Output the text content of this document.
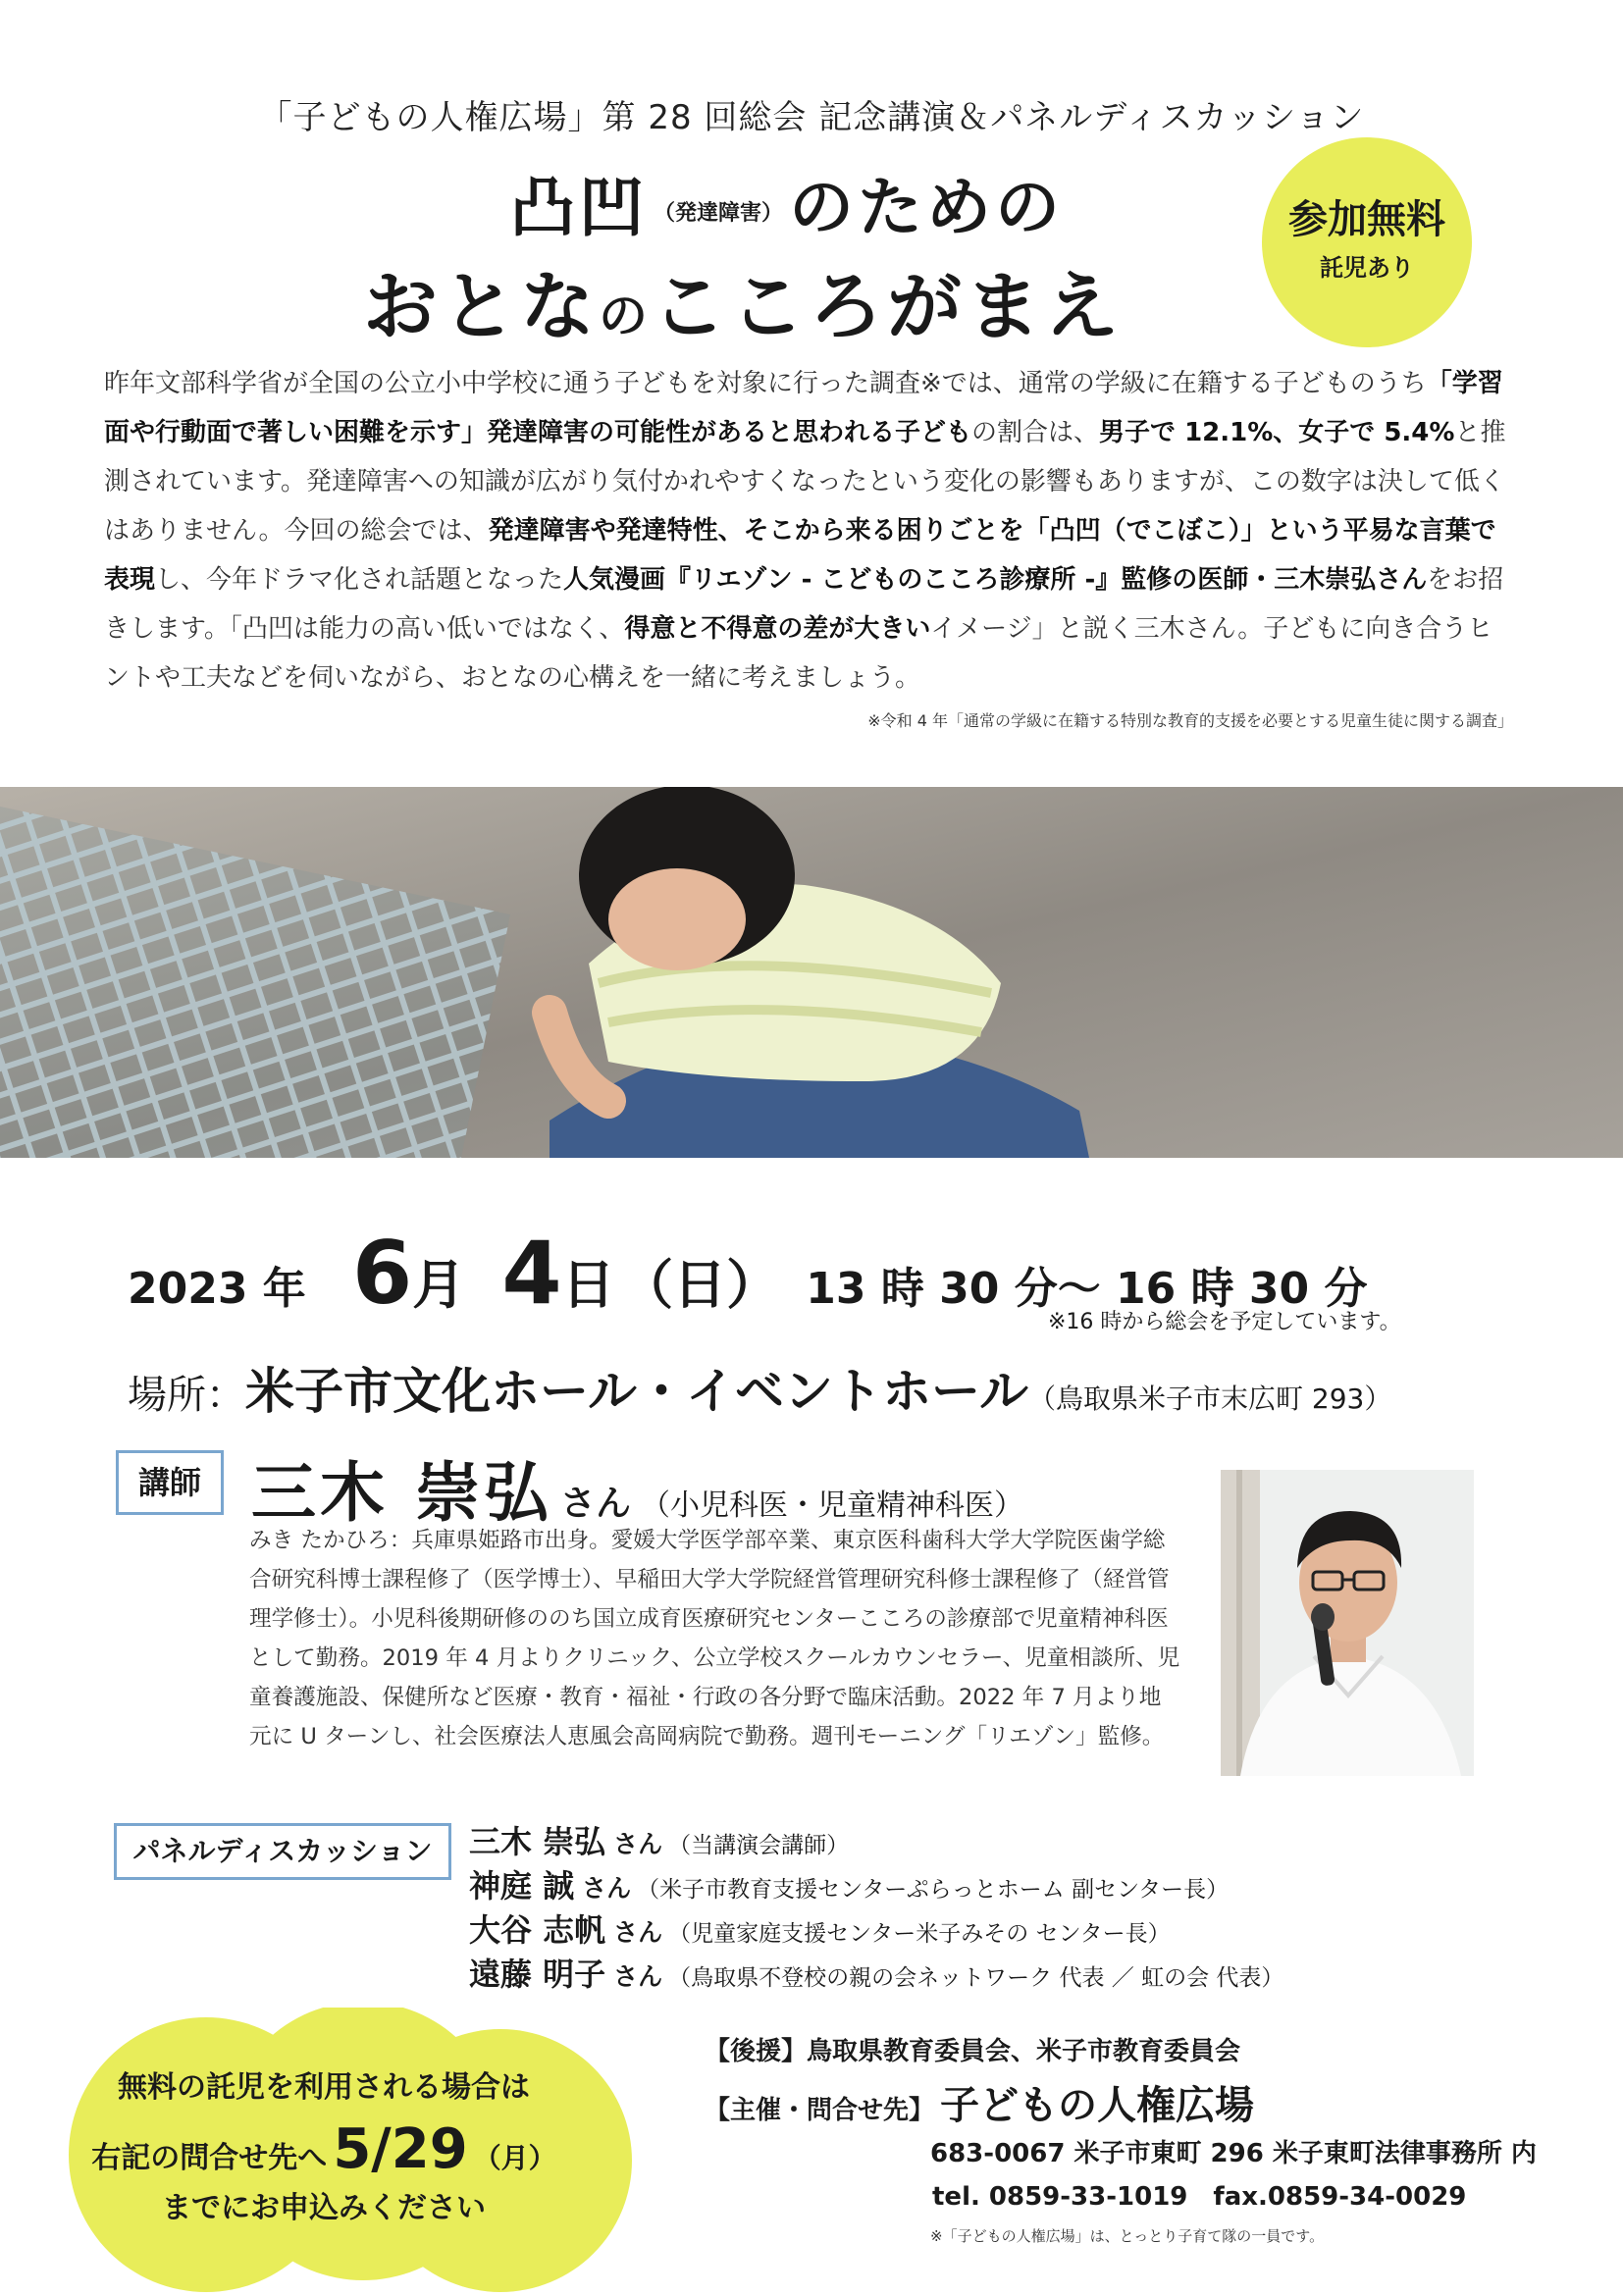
「子どもの人権広場」第 28 回総会 記念講演＆パネルディスカッション
凸凹 （発達障害）のための
おとなのこころがまえ
参加無料
託児あり
昨年文部科学省が全国の公立小中学校に通う子どもを対象に行った調査※では、通常の学級に在籍する子どものうち「学習面や行動面で著しい困難を示す」発達障害の可能性があると思われる子どもの割合は、男子で 12.1%、女子で 5.4%と推測されています。発達障害への知識が広がり気付かれやすくなったという変化の影響もありますが、この数字は決して低くはありません。今回の総会では、発達障害や発達特性、そこから来る困りごとを「凸凹（でこぼこ）」という平易な言葉で表現し、今年ドラマ化され話題となった人気漫画『リエゾン - こどものこころ診療所 -』監修の医師・三木崇弘さんをお招きします。「凸凹は能力の高い低いではなく、得意と不得意の差が大きいイメージ」と説く三木さん。子どもに向き合うヒントや工夫などを伺いながら、おとなの心構えを一緒に考えましょう。
※令和 4 年「通常の学級に在籍する特別な教育的支援を必要とする児童生徒に関する調査」
2023 年 6月 4日 （日） 13 時 30 分〜 16 時 30 分
※16 時から総会を予定しています。
場所：米子市文化ホール・イベントホール（鳥取県米子市末広町 293）
講師 三木 崇弘 さん （小児科医・児童精神科医）
みき たかひろ：兵庫県姫路市出身。愛媛大学医学部卒業、東京医科歯科大学大学院医歯学総合研究科博士課程修了（医学博士）、早稲田大学大学院経営管理研究科修士課程修了（経営管理学修士）。小児科後期研修ののち国立成育医療研究センターこころの診療部で児童精神科医として勤務。2019 年 4 月よりクリニック、公立学校スクールカウンセラー、児童相談所、児童養護施設、保健所など医療・教育・福祉・行政の各分野で臨床活動。2022 年 7 月より地元に U ターンし、社会医療法人恵風会高岡病院で勤務。週刊モーニング「リエゾン」監修。
パネルディスカッション	三木 崇弘 さん （当講演会講師）
神庭 誠 さん （米子市教育支援センターぷらっとホーム 副センター長）
大谷 志帆 さん （児童家庭支援センター米子みその センター長）
遠藤 明子 さん （鳥取県不登校の親の会ネットワーク 代表 ／ 虹の会 代表）
無料の託児を利用される場合は
右記の問合せ先へ 5/29 （月）
までにお申込みください
【後援】鳥取県教育委員会、米子市教育委員会
【主催・問合せ先】 子どもの人権広場
683-0067 米子市東町 296 米子東町法律事務所 内
tel. 0859-33-1019　fax.0859-34-0029
※「子どもの人権広場」は、とっとり子育て隊の一員です。
